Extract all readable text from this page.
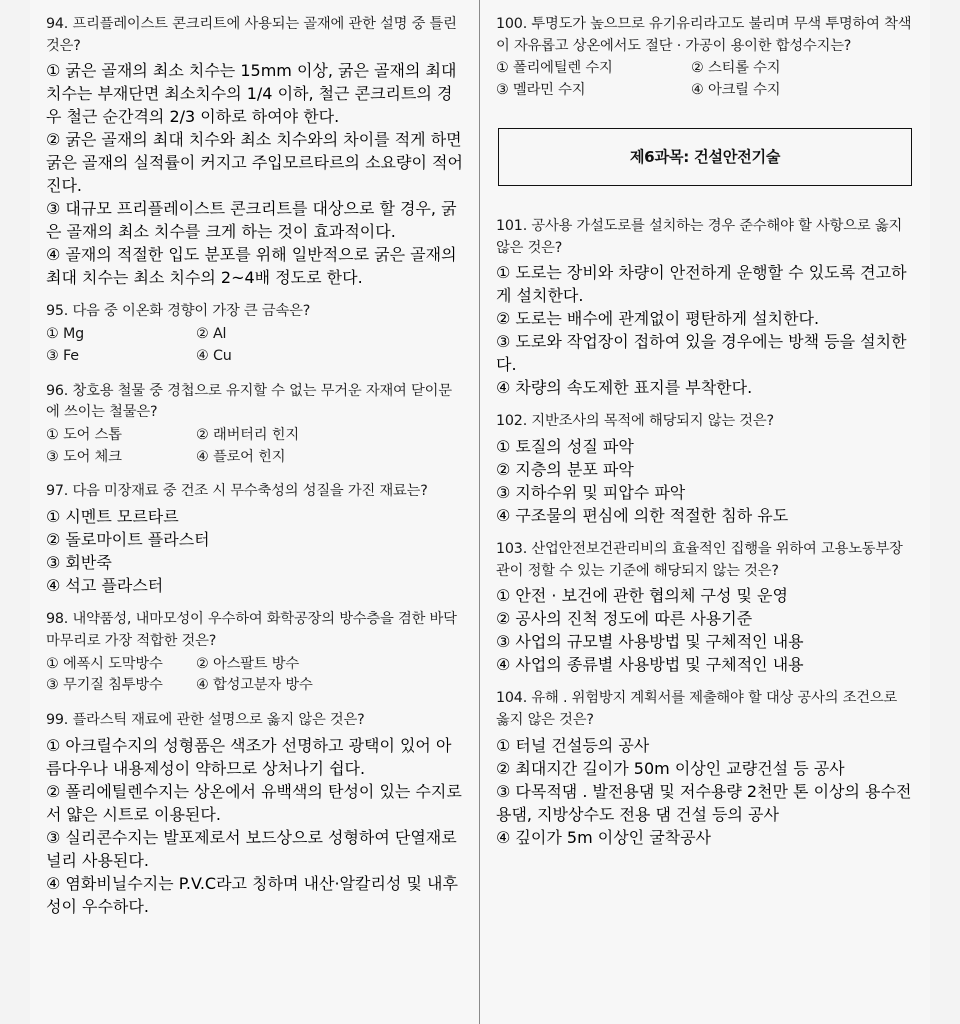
94. 프리플레이스트 콘크리트에 사용되는 골재에 관한 설명 중 틀린 것은?
① 굵은 골재의 최소 치수는 15mm 이상, 굵은 골재의 최대 치수는 부재단면 최소치수의 1/4 이하, 철근 콘크리트의 경우 철근 순간격의 2/3 이하로 하여야 한다.
② 굵은 골재의 최대 치수와 최소 치수와의 차이를 적게 하면 굵은 골재의 실적률이 커지고 주입모르타르의 소요량이 적어진다.
③ 대규모 프리플레이스트 콘크리트를 대상으로 할 경우, 굵은 골재의 최소 치수를 크게 하는 것이 효과적이다.
④ 골재의 적절한 입도 분포를 위해 일반적으로 굵은 골재의 최대 치수는 최소 치수의 2~4배 정도로 한다.
95. 다음 중 이온화 경향이 가장 큰 금속은?
① Mg	② Al
③ Fe	④ Cu
96. 창호용 철물 중 경첩으로 유지할 수 없는 무거운 자재여 닫이문에 쓰이는 철물은?
① 도어 스톱	② 래버터리 힌지
③ 도어 체크	④ 플로어 힌지
97. 다음 미장재료 중 건조 시 무수축성의 성질을 가진 재료는?
① 시멘트 모르타르
② 돌로마이트 플라스터
③ 회반죽
④ 석고 플라스터
98. 내약품성, 내마모성이 우수하여 화학공장의 방수층을 겸한 바닥 마무리로 가장 적합한 것은?
① 에폭시 도막방수	② 아스팔트 방수
③ 무기질 침투방수	④ 합성고분자 방수
99. 플라스틱 재료에 관한 설명으로 옳지 않은 것은?
① 아크릴수지의 성형품은 색조가 선명하고 광택이 있어 아름다우나 내용제성이 약하므로 상처나기 쉽다.
② 폴리에틸렌수지는 상온에서 유백색의 탄성이 있는 수지로서 얇은 시트로 이용된다.
③ 실리콘수지는 발포제로서 보드상으로 성형하여 단열재로 널리 사용된다.
④ 염화비닐수지는 P.V.C라고 칭하며 내산·알칼리성 및 내후성이 우수하다.
100. 투명도가 높으므로 유기유리라고도 불리며 무색 투명하여 착색이 자유롭고 상온에서도 절단 · 가공이 용이한 합성수지는?
① 폴리에틸렌 수지	② 스티롤 수지
③ 멜라민 수지	④ 아크릴 수지
제6과목: 건설안전기술
101. 공사용 가설도로를 설치하는 경우 준수해야 할 사항으로 옳지 않은 것은?
① 도로는 장비와 차량이 안전하게 운행할 수 있도록 견고하게 설치한다.
② 도로는 배수에 관계없이 평탄하게 설치한다.
③ 도로와 작업장이 접하여 있을 경우에는 방책 등을 설치한다.
④ 차량의 속도제한 표지를 부착한다.
102. 지반조사의 목적에 해당되지 않는 것은?
① 토질의 성질 파악
② 지층의 분포 파악
③ 지하수위 및 피압수 파악
④ 구조물의 편심에 의한 적절한 침하 유도
103. 산업안전보건관리비의 효율적인 집행을 위하여 고용노동부장관이 정할 수 있는 기준에 해당되지 않는 것은?
① 안전 · 보건에 관한 협의체 구성 및 운영
② 공사의 진척 정도에 따른 사용기준
③ 사업의 규모별 사용방법 및 구체적인 내용
④ 사업의 종류별 사용방법 및 구체적인 내용
104. 유해 . 위험방지 계획서를 제출해야 할 대상 공사의 조건으로 옳지 않은 것은?
① 터널 건설등의 공사
② 최대지간 길이가 50m 이상인 교량건설 등 공사
③ 다목적댐 . 발전용댐 및 저수용량 2천만 톤 이상의 용수전용댐, 지방상수도 전용 댐 건설 등의 공사
④ 깊이가 5m 이상인 굴착공사
